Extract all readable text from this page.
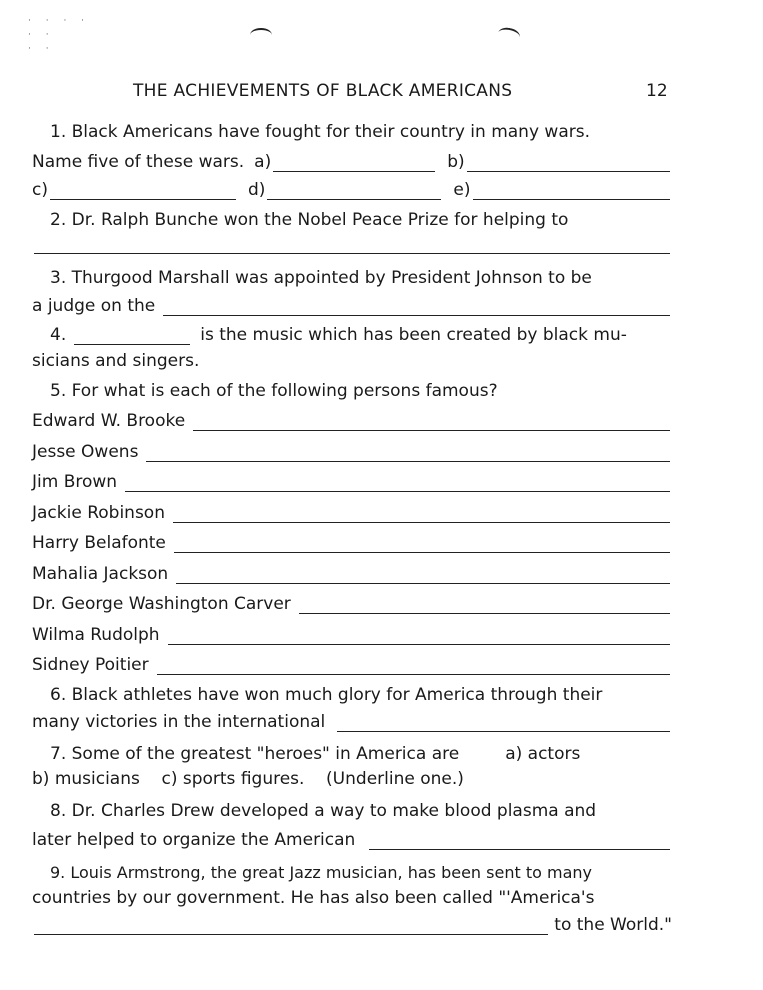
· · · ·
· ·
· ·
THE ACHIEVEMENTS OF BLACK AMERICANS	12
1. Black Americans have fought for their country in many wars.
Name five of these wars. a)	b)
c)	d)	e)
2. Dr. Ralph Bunche won the Nobel Peace Prize for helping to
3. Thurgood Marshall was appointed by President Johnson to be
a judge on the
4.	is the music which has been created by black mu-
sicians and singers.
5. For what is each of the following persons famous?
Edward W. Brooke
Jesse Owens
Jim Brown
Jackie Robinson
Harry Belafonte
Mahalia Jackson
Dr. George Washington Carver
Wilma Rudolph
Sidney Poitier
6. Black athletes have won much glory for America through their
many victories in the international
7. Some of the greatest "heroes" in America are	a) actors
b) musicians    c) sports figures.    (Underline one.)
8. Dr. Charles Drew developed a way to make blood plasma and
later helped to organize the American
9. Louis Armstrong, the great Jazz musician, has been sent to many
countries by our government. He has also been called "'America's
to the World."
